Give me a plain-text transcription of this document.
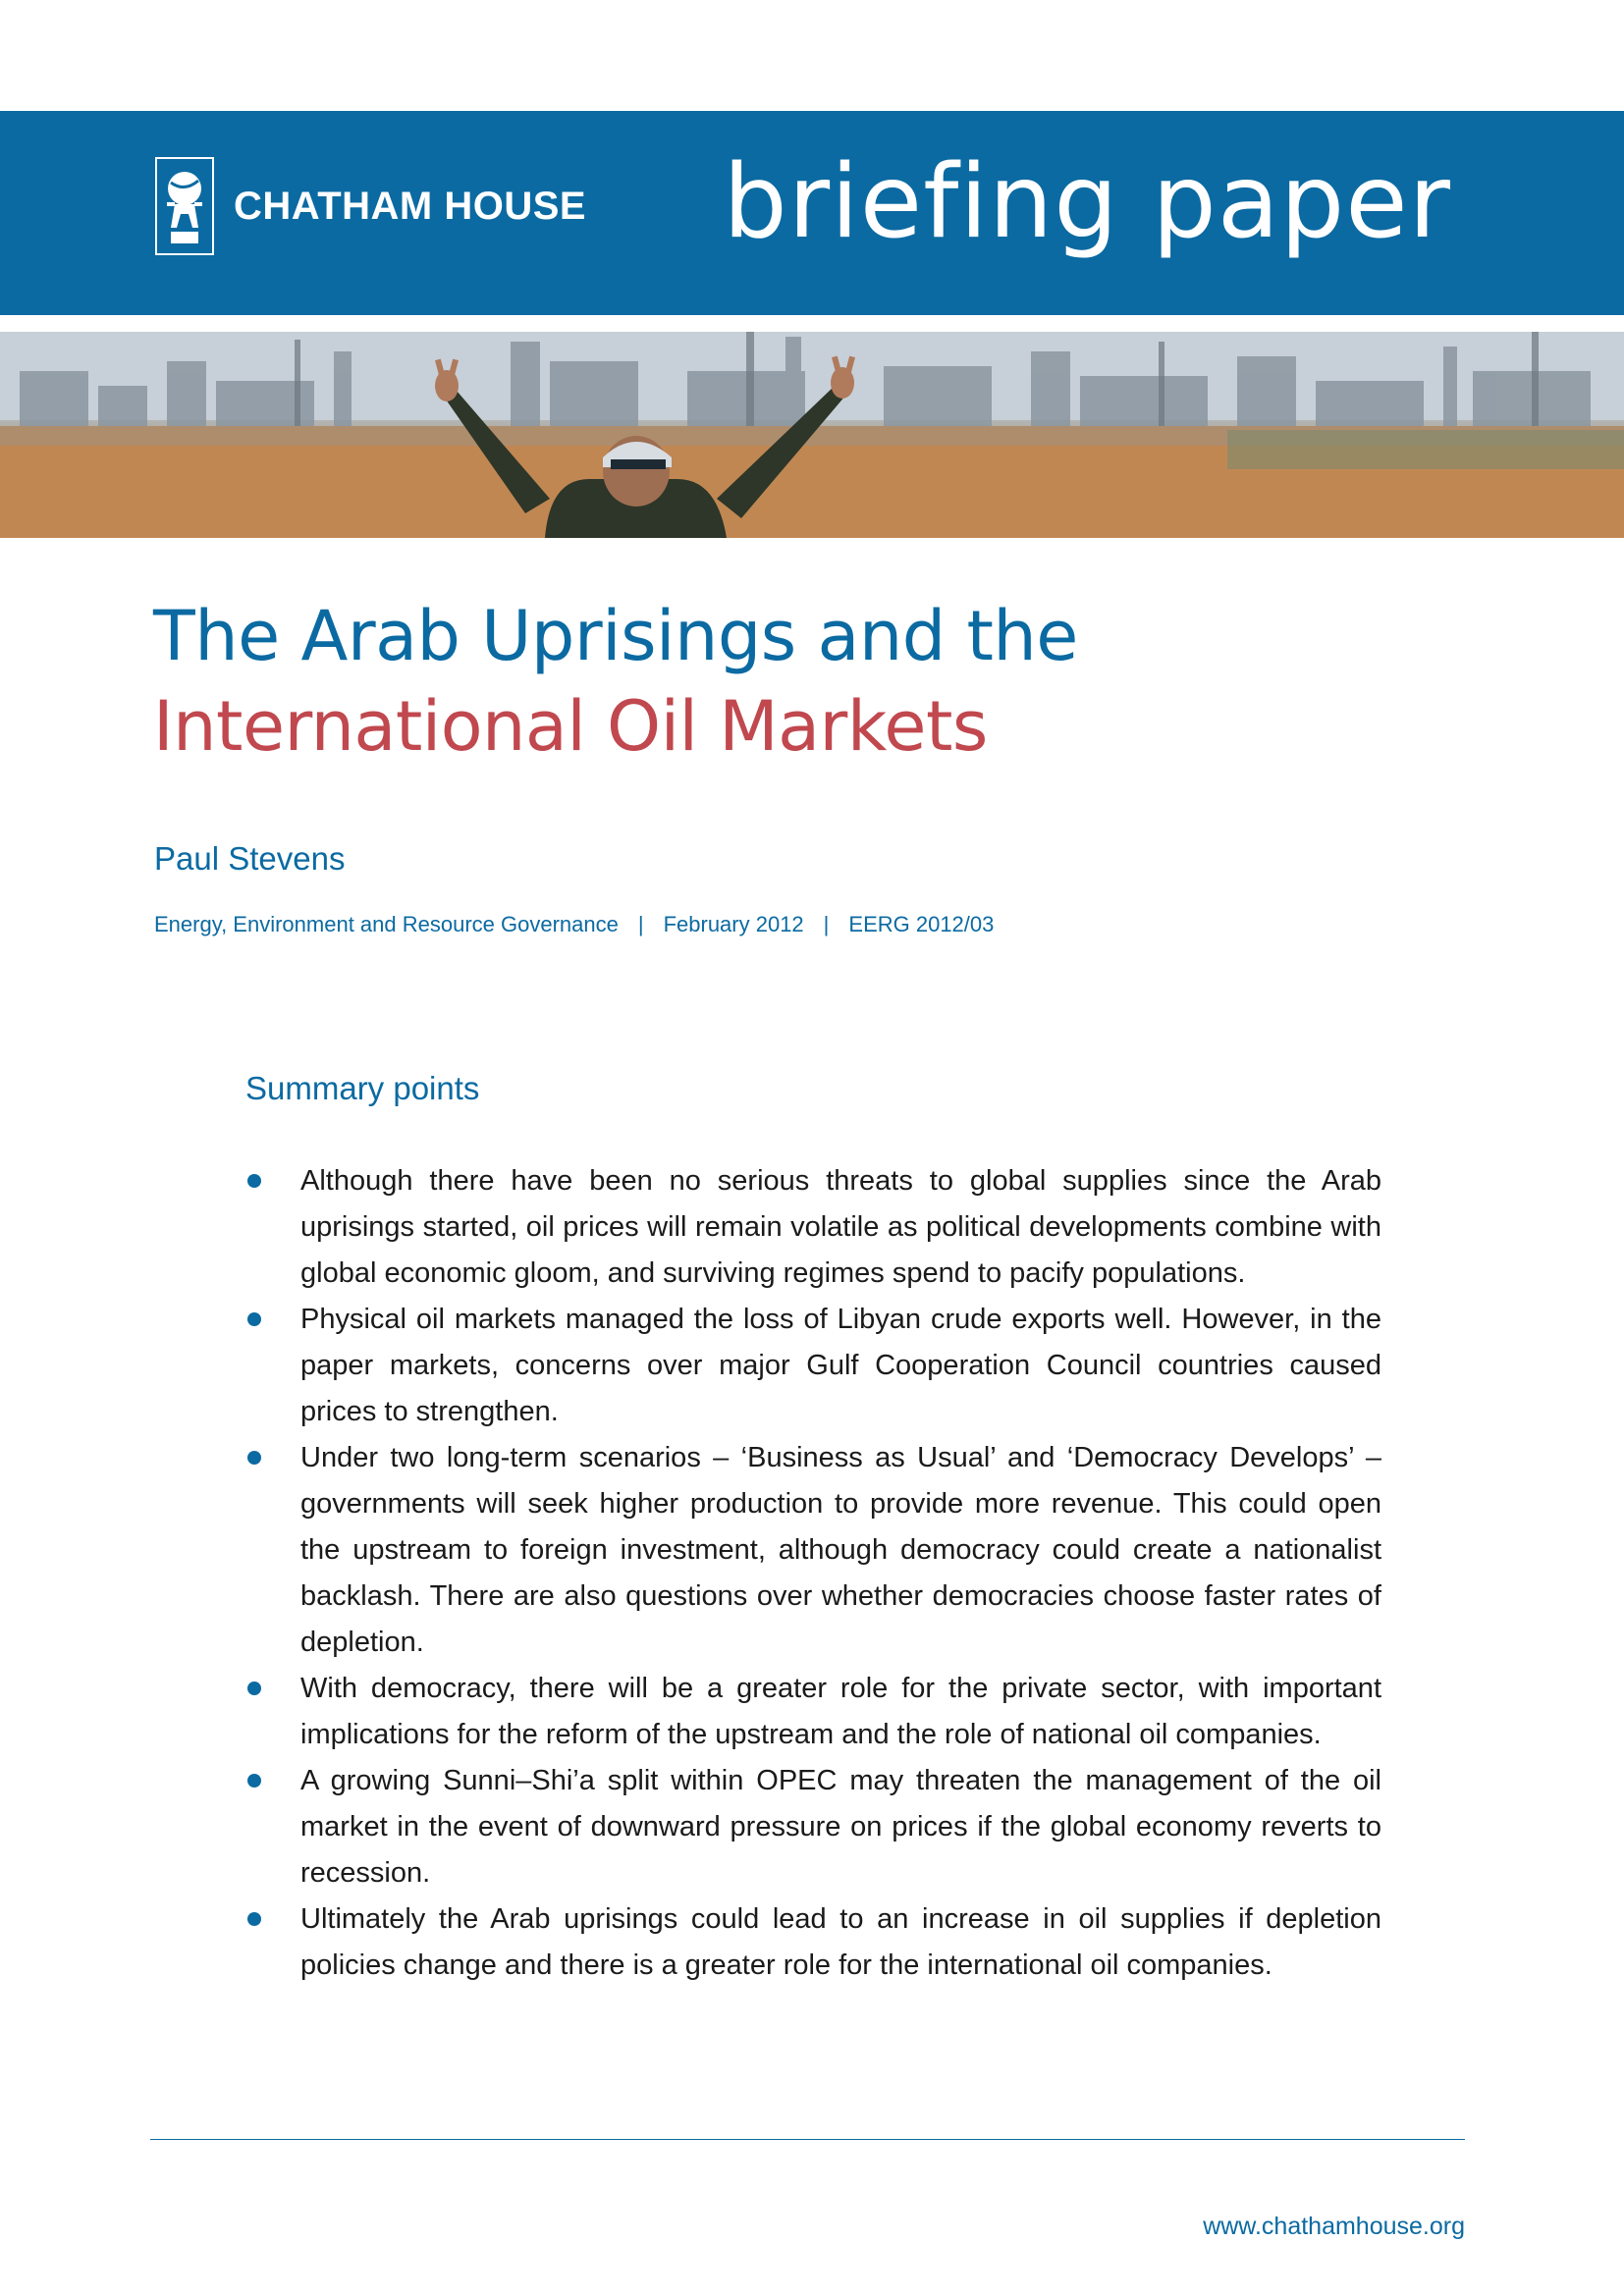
CHATHAM HOUSE briefing paper
The Arab Uprisings and the
International Oil Markets
Paul Stevens
Energy, Environment and Resource Governance | February 2012 | EERG 2012/03
Summary points
Although there have been no serious threats to global supplies since the Arab uprisings started, oil prices will remain volatile as political developments combine with global economic gloom, and surviving regimes spend to pacify populations.
Physical oil markets managed the loss of Libyan crude exports well. However, in the paper markets, concerns over major Gulf Cooperation Council countries caused prices to strengthen.
Under two long-term scenarios – ‘Business as Usual’ and ‘Democracy Develops’ – governments will seek higher production to provide more revenue. This could open the upstream to foreign investment, although democracy could create a nationalist backlash. There are also questions over whether democracies choose faster rates of depletion.
With democracy, there will be a greater role for the private sector, with important implications for the reform of the upstream and the role of national oil companies.
A growing Sunni–Shi’a split within OPEC may threaten the management of the oil market in the event of downward pressure on prices if the global economy reverts to recession.
Ultimately the Arab uprisings could lead to an increase in oil supplies if depletion policies change and there is a greater role for the international oil companies.
www.chathamhouse.org
